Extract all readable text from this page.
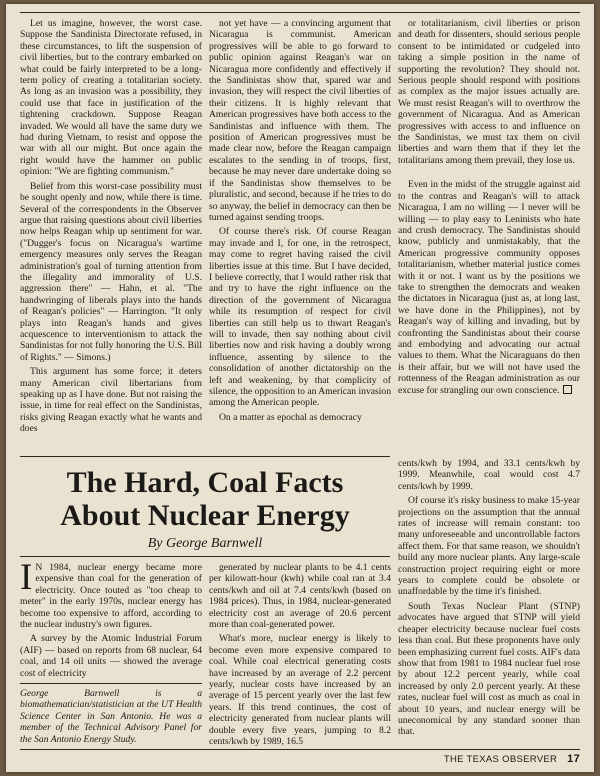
Let us imagine, however, the worst case. Suppose the Sandinista Directorate refused, in these circumstances, to lift the suspension of civil liberties, but to the contrary embarked on what could be fairly interpreted to be a long-term policy of creating a totalitarian society. As long as an invasion was a possibility, they could use that face in justification of the tightening crackdown. Suppose Reagan invaded. We would all have the same duty we had during Vietnam, to resist and oppose the war with all our might. But once again the right would have the hammer on public opinion: "We are fighting communism."

Belief from this worst-case possibility must be sought openly and now, while there is time. Several of the correspondents in the Observer argue that raising questions about civil liberties now helps Reagan whip up sentiment for war. ("Dugger's focus on Nicaragua's wartime emergency measures only serves the Reagan administration's goal of turning attention from the illegality and immorality of U.S. aggression there" — Hahn, et al. "The handwringing of liberals plays into the hands of Reagan's policies" — Harrington. "It only plays into Reagan's hands and gives acquescence to interventionism to attack the Sandinistas for not fully honoring the U.S. Bill of Rights." — Simons.)

This argument has some force; it deters many American civil libertarians from speaking up as I have done. But not raising the issue, in time for real effect on the Sandinistas, risks giving Reagan exactly what he wants and does

not yet have — a convincing argument that Nicaragua is communist. American progressives will be able to go forward to public opinion against Reagan's war on Nicaragua more confidently and effectively if the Sandinistas show that, spared war and invasion, they will respect the civil liberties of their citizens. It is highly relevant that American progressives have both access to the Sandinistas and influence with them. The position of American progressives must be made clear now, before the Reagan campaign escalates to the sending in of troops, first, because he may never dare undertake doing so if the Sandinistas show themselves to be pluralistic, and second, because if he tries to do so anyway, the belief in democracy can then be turned against sending troops.

Of course there's risk. Of course Reagan may invade and I, for one, in the retrospect, may come to regret having raised the civil liberties issue at this time. But I have decided, I believe correctly, that I would rather risk that and try to have the right influence on the direction of the government of Nicaragua while its resumption of respect for civil liberties can still help us to thwart Reagan's will to invade, then say nothing about civil liberties now and risk having a doubly wrong influence, assenting by silence to the consolidation of another dictatorship on the left and weakening, by that complicity of silence, the opposition to an American invasion among the American people.

On a matter as epochal as democracy

or totalitarianism, civil liberties or prison and death for dissenters, should serious people consent to be intimidated or cudgeled into taking a simple position in the name of supporting the revolution? They should not. Serious people should respond with positions as complex as the major issues actually are. We must resist Reagan's will to overthrow the government of Nicaragua. And as American progressives with access to and influence on the Sandinistas, we must tax them on civil liberties and warn them that if they let the totalitarians among them prevail, they lose us.

Even in the midst of the struggle against aid to the contras and Reagan's will to attack Nicaragua, I am no willing — I never will be willing — to play easy to Leninists who hate and crush democracy. The Sandinistas should know, publicly and unmistakably, that the American progressive community opposes totalitarianism, whether material justice comes with it or not. I want us by the positions we take to strengthen the democrats and weaken the dictators in Nicaragua (just as, at long last, we have done in the Philippines), not by Reagan's way of killing and invading, but by confronting the Sandinistas about their course and embodying and advocating our actual values to them. What the Nicaraguans do then is their affair, but we will not have used the rottenness of the Reagan administration as our excuse for strangling our own conscience.

The Hard, Coal Facts
About Nuclear Energy
By George Barnwell

I N 1984, nuclear energy became more expensive than coal for the generation of electricity. Once touted as "too cheap to meter" in the early 1970s, nuclear energy has become too expensive to afford, according to the nuclear industry's own figures.

A survey by the Atomic Industrial Forum (AIF) — based on reports from 68 nuclear, 64 coal, and 14 oil units — showed the average cost of electricity

George Barnwell is a biomathematician/statistician at the UT Health Science Center in San Antonio. He was a member of the Technical Advisory Panel for the San Antonio Energy Study.

generated by nuclear plants to be 4.1 cents per kilowatt-hour (kwh) while coal ran at 3.4 cents/kwh and oil at 7.4 cents/kwh (based on 1984 prices). Thus, in 1984, nuclear-generated electricity cost an average of 20.6 percent more than coal-generated power.

What's more, nuclear energy is likely to become even more expensive compared to coal. While coal electrical generating costs have increased by an average of 2.2 percent yearly, nuclear costs have increased by an average of 15 percent yearly over the last few years. If this trend continues, the cost of electricity generated from nuclear plants will double every five years, jumping to 8.2 cents/kwh by 1989, 16.5

cents/kwh by 1994, and 33.1 cents/kwh by 1999. Meanwhile, coal would cost 4.7 cents/kwh by 1999.

Of course it's risky business to make 15-year projections on the assumption that the annual rates of increase will remain constant: too many unforeseeable and uncontrollable factors affect them. For that same reason, we shouldn't build any more nuclear plants. Any large-scale construction project requiring eight or more years to complete could be obsolete or unaffordable by the time it's finished.

South Texas Nuclear Plant (STNP) advocates have argued that STNP will yield cheaper electricity because nuclear fuel costs less than coal. But these proponents have only been emphasizing current fuel costs. AIF's data show that from 1981 to 1984 nuclear fuel rose by about 12.2 percent yearly, while coal increased by only 2.0 percent yearly. At these rates, nuclear fuel will cost as much as coal in about 10 years, and nuclear energy will be uneconomical by any standard sooner than that.

THE TEXAS OBSERVER 17
